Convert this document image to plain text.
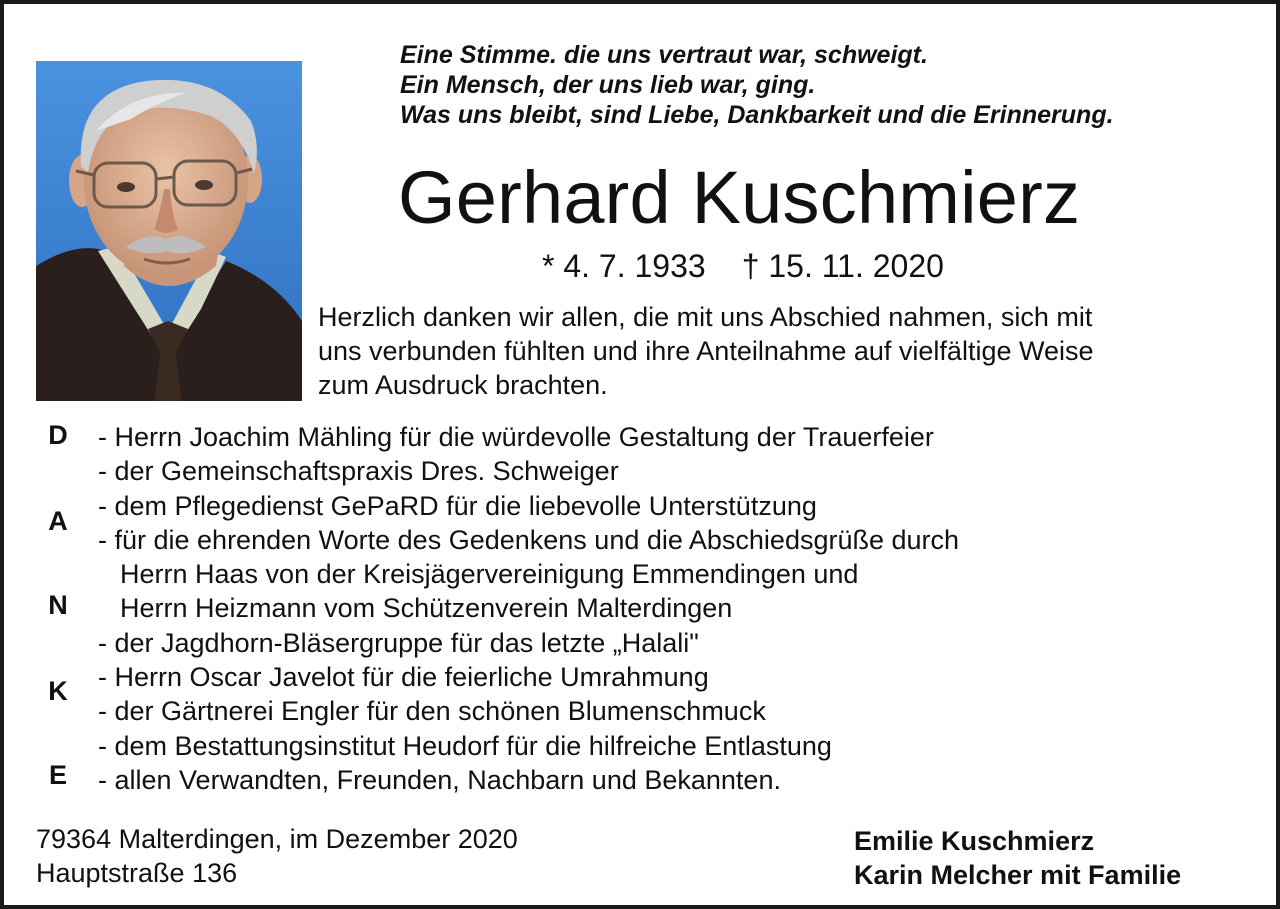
Eine Stimme. die uns vertraut war, schweigt.
Ein Mensch, der uns lieb war, ging.
Was uns bleibt, sind Liebe, Dankbarkeit und die Erinnerung.
Gerhard Kuschmierz
* 4. 7. 1933 † 15. 11. 2020
Herzlich danken wir allen, die mit uns Abschied nahmen, sich mit
uns verbunden fühlten und ihre Anteilnahme auf vielfältige Weise
zum Ausdruck brachten.
D
A
N
K
E
- Herrn Joachim Mähling für die würdevolle Gestaltung der Trauerfeier
- der Gemeinschaftspraxis Dres. Schweiger
- dem Pflegedienst GePaRD für die liebevolle Unterstützung
- für die ehrenden Worte des Gedenkens und die Abschiedsgrüße durch
Herrn Haas von der Kreisjägervereinigung Emmendingen und
Herrn Heizmann vom Schützenverein Malterdingen
- der Jagdhorn-Bläsergruppe für das letzte „Halali"
- Herrn Oscar Javelot für die feierliche Umrahmung
- der Gärtnerei Engler für den schönen Blumenschmuck
- dem Bestattungsinstitut Heudorf für die hilfreiche Entlastung
- allen Verwandten, Freunden, Nachbarn und Bekannten.
79364 Malterdingen, im Dezember 2020
Hauptstraße 136
Emilie Kuschmierz
Karin Melcher mit Familie
